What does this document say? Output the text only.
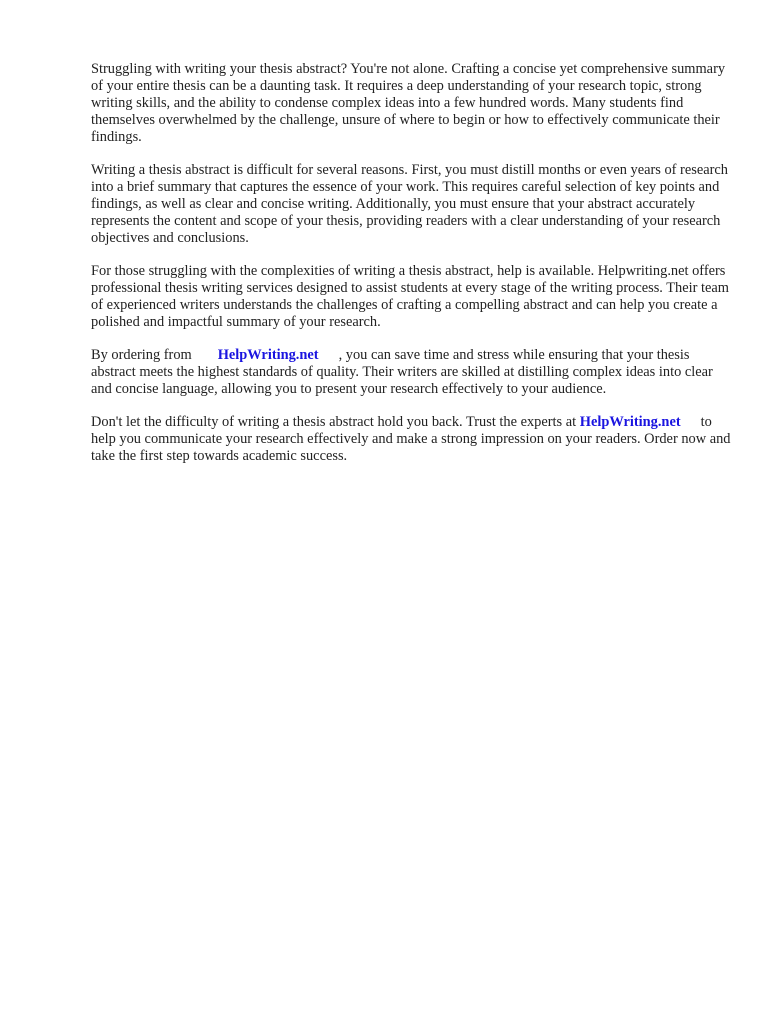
Struggling with writing your thesis abstract? You're not alone. Crafting a concise yet comprehensive summary of your entire thesis can be a daunting task. It requires a deep understanding of your research topic, strong writing skills, and the ability to condense complex ideas into a few hundred words. Many students find themselves overwhelmed by the challenge, unsure of where to begin or how to effectively communicate their findings.

Writing a thesis abstract is difficult for several reasons. First, you must distill months or even years of research into a brief summary that captures the essence of your work. This requires careful selection of key points and findings, as well as clear and concise writing. Additionally, you must ensure that your abstract accurately represents the content and scope of your thesis, providing readers with a clear understanding of your research objectives and conclusions.

For those struggling with the complexities of writing a thesis abstract, help is available. Helpwriting.net offers professional thesis writing services designed to assist students at every stage of the writing process. Their team of experienced writers understands the challenges of crafting a compelling abstract and can help you create a polished and impactful summary of your research.

By ordering from HelpWriting.net , you can save time and stress while ensuring that your thesis abstract meets the highest standards of quality. Their writers are skilled at distilling complex ideas into clear and concise language, allowing you to present your research effectively to your audience.

Don't let the difficulty of writing a thesis abstract hold you back. Trust the experts at HelpWriting.net to help you communicate your research effectively and make a strong impression on your readers. Order now and take the first step towards academic success.
